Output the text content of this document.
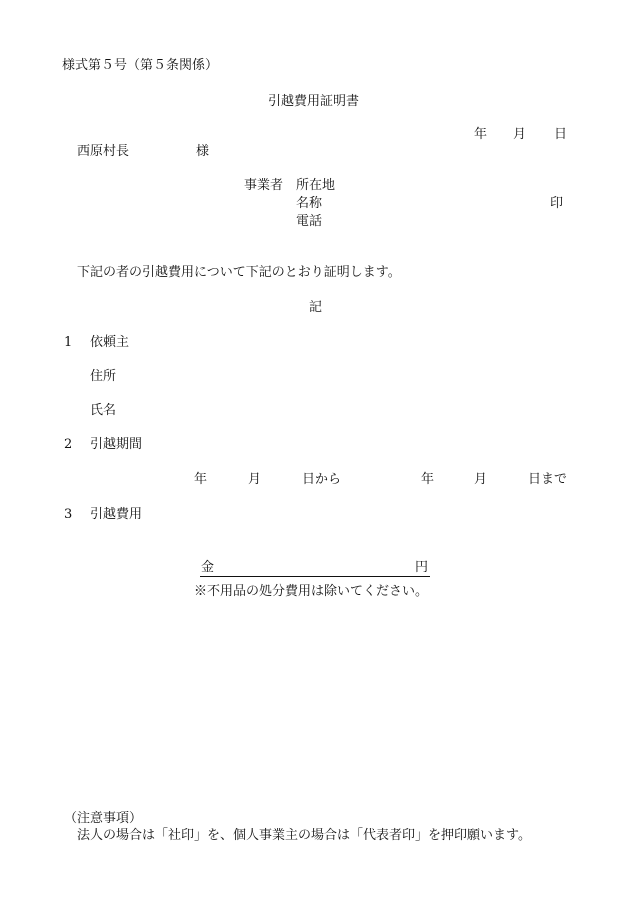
様式第５号（第５条関係）
引越費用証明書
年 月 日
西原村長	様
事業者 所在地
名称	印
電話
下記の者の引越費用について下記のとおり証明します。
記
1 依頼主
住所
氏名
2 引越期間
年	月	日から	年	月	日まで
3 引越費用
金	円
※不用品の処分費用は除いてください。
（注意事項）
法人の場合は「社印」を、個人事業主の場合は「代表者印」を押印願います。
